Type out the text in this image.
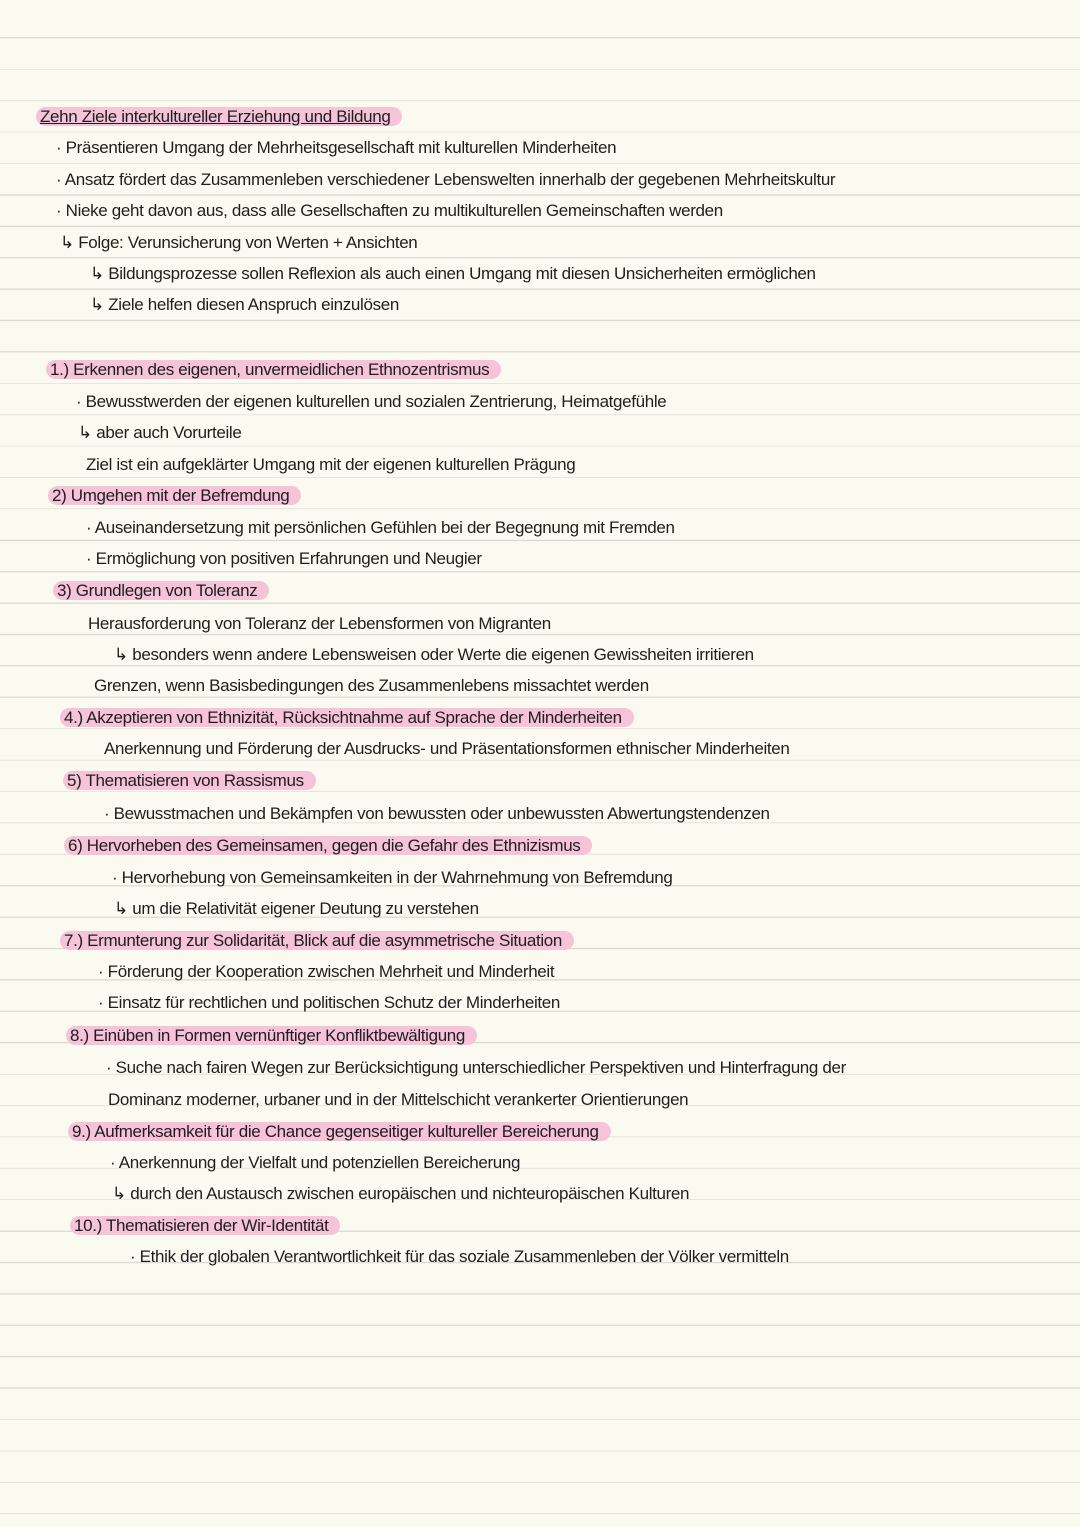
Zehn Ziele interkultureller Erziehung und Bildung
· Präsentieren Umgang der Mehrheitsgesellschaft mit kulturellen Minderheiten
· Ansatz fördert das Zusammenleben verschiedener Lebenswelten innerhalb der gegebenen Mehrheitskultur
· Nieke geht davon aus, dass alle Gesellschaften zu multikulturellen Gemeinschaften werden
↳ Folge: Verunsicherung von Werten + Ansichten
↳ Bildungsprozesse sollen Reflexion als auch einen Umgang mit diesen Unsicherheiten ermöglichen
↳ Ziele helfen diesen Anspruch einzulösen
1.) Erkennen des eigenen, unvermeidlichen Ethnozentrismus
· Bewusstwerden der eigenen kulturellen und sozialen Zentrierung, Heimatgefühle
↳ aber auch Vorurteile
Ziel ist ein aufgeklärter Umgang mit der eigenen kulturellen Prägung
2) Umgehen mit der Befremdung
· Auseinandersetzung mit persönlichen Gefühlen bei der Begegnung mit Fremden
· Ermöglichung von positiven Erfahrungen und Neugier
3) Grundlegen von Toleranz
Herausforderung von Toleranz der Lebensformen von Migranten
↳ besonders wenn andere Lebensweisen oder Werte die eigenen Gewissheiten irritieren
Grenzen, wenn Basisbedingungen des Zusammenlebens missachtet werden
4.) Akzeptieren von Ethnizität, Rücksichtnahme auf Sprache der Minderheiten
Anerkennung und Förderung der Ausdrucks- und Präsentationsformen ethnischer Minderheiten
5) Thematisieren von Rassismus
· Bewusstmachen und Bekämpfen von bewussten oder unbewussten Abwertungstendenzen
6) Hervorheben des Gemeinsamen, gegen die Gefahr des Ethnizismus
· Hervorhebung von Gemeinsamkeiten in der Wahrnehmung von Befremdung
↳ um die Relativität eigener Deutung zu verstehen
7.) Ermunterung zur Solidarität, Blick auf die asymmetrische Situation
· Förderung der Kooperation zwischen Mehrheit und Minderheit
· Einsatz für rechtlichen und politischen Schutz der Minderheiten
8.) Einüben in Formen vernünftiger Konfliktbewältigung
· Suche nach fairen Wegen zur Berücksichtigung unterschiedlicher Perspektiven und Hinterfragung der
Dominanz moderner, urbaner und in der Mittelschicht verankerter Orientierungen
9.) Aufmerksamkeit für die Chance gegenseitiger kultureller Bereicherung
· Anerkennung der Vielfalt und potenziellen Bereicherung
↳ durch den Austausch zwischen europäischen und nichteuropäischen Kulturen
10.) Thematisieren der Wir-Identität
· Ethik der globalen Verantwortlichkeit für das soziale Zusammenleben der Völker vermitteln
